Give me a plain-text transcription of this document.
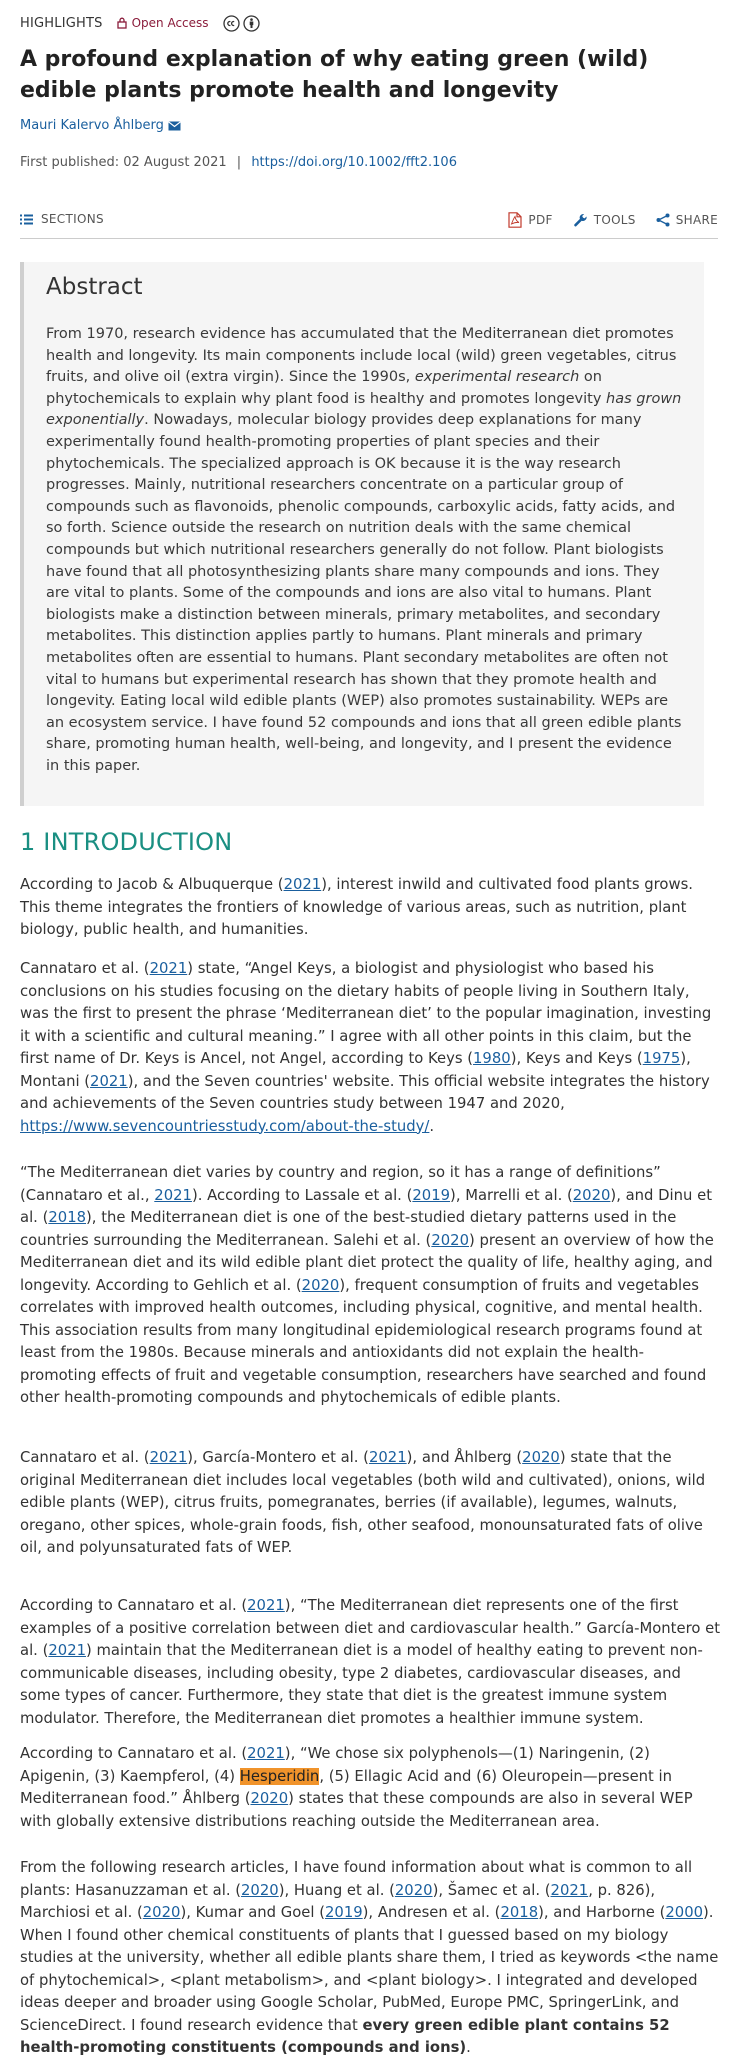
HIGHLIGHTS Open Access
A profound explanation of why eating green (wild) edible plants promote health and longevity
Mauri Kalervo Åhlberg
First published: 02 August 2021 | https://doi.org/10.1002/fft2.106
SECTIONS	PDF	TOOLS	SHARE
Abstract

From 1970, research evidence has accumulated that the Mediterranean diet promotes health and longevity. Its main components include local (wild) green vegetables, citrus fruits, and olive oil (extra virgin). Since the 1990s, experimental research on phytochemicals to explain why plant food is healthy and promotes longevity has grown exponentially. Nowadays, molecular biology provides deep explanations for many experimentally found health-promoting properties of plant species and their phytochemicals. The specialized approach is OK because it is the way research progresses. Mainly, nutritional researchers concentrate on a particular group of compounds such as flavonoids, phenolic compounds, carboxylic acids, fatty acids, and so forth. Science outside the research on nutrition deals with the same chemical compounds but which nutritional researchers generally do not follow. Plant biologists have found that all photosynthesizing plants share many compounds and ions. They are vital to plants. Some of the compounds and ions are also vital to humans. Plant biologists make a distinction between minerals, primary metabolites, and secondary metabolites. This distinction applies partly to humans. Plant minerals and primary metabolites often are essential to humans. Plant secondary metabolites are often not vital to humans but experimental research has shown that they promote health and longevity. Eating local wild edible plants (WEP) also promotes sustainability. WEPs are an ecosystem service. I have found 52 compounds and ions that all green edible plants share, promoting human health, well-being, and longevity, and I present the evidence in this paper.

1 INTRODUCTION

According to Jacob & Albuquerque (2021), interest inwild and cultivated food plants grows. This theme integrates the frontiers of knowledge of various areas, such as nutrition, plant biology, public health, and humanities.

Cannataro et al. (2021) state, “Angel Keys, a biologist and physiologist who based his conclusions on his studies focusing on the dietary habits of people living in Southern Italy, was the first to present the phrase ‘Mediterranean diet’ to the popular imagination, investing it with a scientific and cultural meaning.” I agree with all other points in this claim, but the first name of Dr. Keys is Ancel, not Angel, according to Keys (1980), Keys and Keys (1975), Montani (2021), and the Seven countries' website. This official website integrates the history and achievements of the Seven countries study between 1947 and 2020, https://www.sevencountriesstudy.com/about-the-study/.

“The Mediterranean diet varies by country and region, so it has a range of definitions” (Cannataro et al., 2021). According to Lassale et al. (2019), Marrelli et al. (2020), and Dinu et al. (2018), the Mediterranean diet is one of the best-studied dietary patterns used in the countries surrounding the Mediterranean. Salehi et al. (2020) present an overview of how the Mediterranean diet and its wild edible plant diet protect the quality of life, healthy aging, and longevity. According to Gehlich et al. (2020), frequent consumption of fruits and vegetables correlates with improved health outcomes, including physical, cognitive, and mental health. This association results from many longitudinal epidemiological research programs found at least from the 1980s. Because minerals and antioxidants did not explain the health-promoting effects of fruit and vegetable consumption, researchers have searched and found other health-promoting compounds and phytochemicals of edible plants.

Cannataro et al. (2021), García-Montero et al. (2021), and Åhlberg (2020) state that the original Mediterranean diet includes local vegetables (both wild and cultivated), onions, wild edible plants (WEP), citrus fruits, pomegranates, berries (if available), legumes, walnuts, oregano, other spices, whole-grain foods, fish, other seafood, monounsaturated fats of olive oil, and polyunsaturated fats of WEP.

According to Cannataro et al. (2021), “The Mediterranean diet represents one of the first examples of a positive correlation between diet and cardiovascular health.” García-Montero et al. (2021) maintain that the Mediterranean diet is a model of healthy eating to prevent non-communicable diseases, including obesity, type 2 diabetes, cardiovascular diseases, and some types of cancer. Furthermore, they state that diet is the greatest immune system modulator. Therefore, the Mediterranean diet promotes a healthier immune system.

According to Cannataro et al. (2021), “We chose six polyphenols—(1) Naringenin, (2) Apigenin, (3) Kaempferol, (4) Hesperidin, (5) Ellagic Acid and (6) Oleuropein—present in Mediterranean food.” Åhlberg (2020) states that these compounds are also in several WEP with globally extensive distributions reaching outside the Mediterranean area.

From the following research articles, I have found information about what is common to all plants: Hasanuzzaman et al. (2020), Huang et al. (2020), Šamec et al. (2021, p. 826), Marchiosi et al. (2020), Kumar and Goel (2019), Andresen et al. (2018), and Harborne (2000). When I found other chemical constituents of plants that I guessed based on my biology studies at the university, whether all edible plants share them, I tried as keywords <the name of phytochemical>, <plant metabolism>, and <plant biology>. I integrated and developed ideas deeper and broader using Google Scholar, PubMed, Europe PMC, SpringerLink, and ScienceDirect. I found research evidence that every green edible plant contains 52 health-promoting constituents (compounds and ions).
